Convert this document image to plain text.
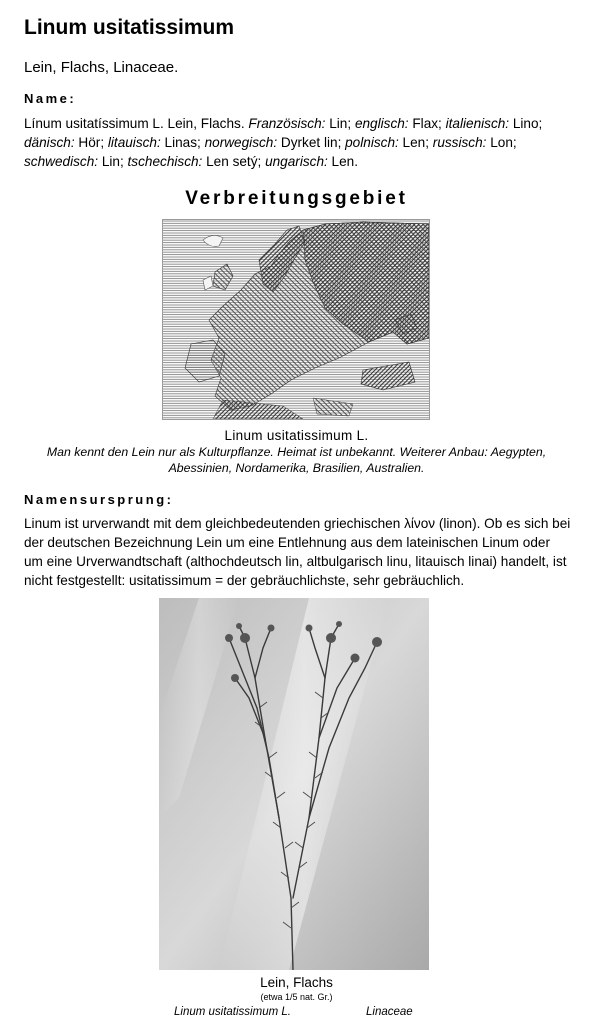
Linum usitatissimum

Lein, Flachs, Linaceae.

Name:

Línum usitatíssimum L. Lein, Flachs. Französisch: Lin; englisch: Flax; italienisch: Lino; dänisch: Hör; litauisch: Linas; norwegisch: Dyrket lin; polnisch: Len; russisch: Lon; schwedisch: Lin; tschechisch: Len setý; ungarisch: Len.

Verbreitungsgebiet

Linum usitatissimum L.

Man kennt den Lein nur als Kulturpflanze. Heimat ist unbekannt. Weiterer Anbau: Aegypten, Abessinien, Nordamerika, Brasilien, Australien.

Namensursprung:

Linum ist urverwandt mit dem gleichbedeutenden griechischen λίνον (linon). Ob es sich bei der deutschen Bezeichnung Lein um eine Entlehnung aus dem lateinischen Linum oder um eine Urverwandtschaft (althochdeutsch lin, altbulgarisch linu, litauisch linai) handelt, ist nicht festgestellt: usitatissimum = der gebräuchlichste, sehr gebräuchlich.

Lein, Flachs

(etwa 1/5 nat. Gr.)

Linum usitatissimum L.	Linaceae
